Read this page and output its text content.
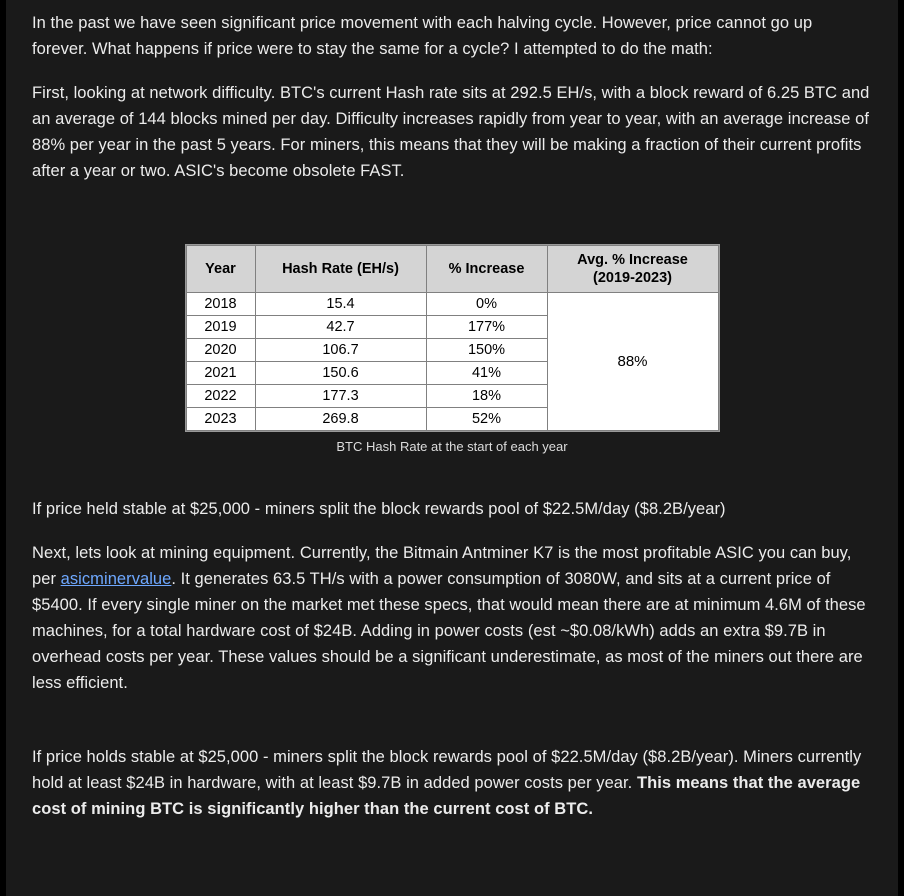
In the past we have seen significant price movement with each halving cycle. However, price cannot go up forever. What happens if price were to stay the same for a cycle? I attempted to do the math:

First, looking at network difficulty. BTC's current Hash rate sits at 292.5 EH/s, with a block reward of 6.25 BTC and an average of 144 blocks mined per day. Difficulty increases rapidly from year to year, with an average increase of 88% per year in the past 5 years. For miners, this means that they will be making a fraction of their current profits after a year or two. ASIC's become obsolete FAST.

Year	Hash Rate (EH/s)	% Increase	Avg. % Increase
(2019-2023)

2018	15.4	0%	88%
2019	42.7	177%	
2020	106.7	150%	
2021	150.6	41%	
2022	177.3	18%	
2023	269.8	52%	
BTC Hash Rate at the start of each year

If price held stable at $25,000 - miners split the block rewards pool of $22.5M/day ($8.2B/year)

Next, lets look at mining equipment. Currently, the Bitmain Antminer K7 is the most profitable ASIC you can buy, per asicminervalue. It generates 63.5 TH/s with a power consumption of 3080W, and sits at a current price of $5400. If every single miner on the market met these specs, that would mean there are at minimum 4.6M of these machines, for a total hardware cost of $24B. Adding in power costs (est ~$0.08/kWh) adds an extra $9.7B in overhead costs per year. These values should be a significant underestimate, as most of the miners out there are less efficient.

If price holds stable at $25,000 - miners split the block rewards pool of $22.5M/day ($8.2B/year). Miners currently hold at least $24B in hardware, with at least $9.7B in added power costs per year. This means that the average cost of mining BTC is significantly higher than the current cost of BTC.
